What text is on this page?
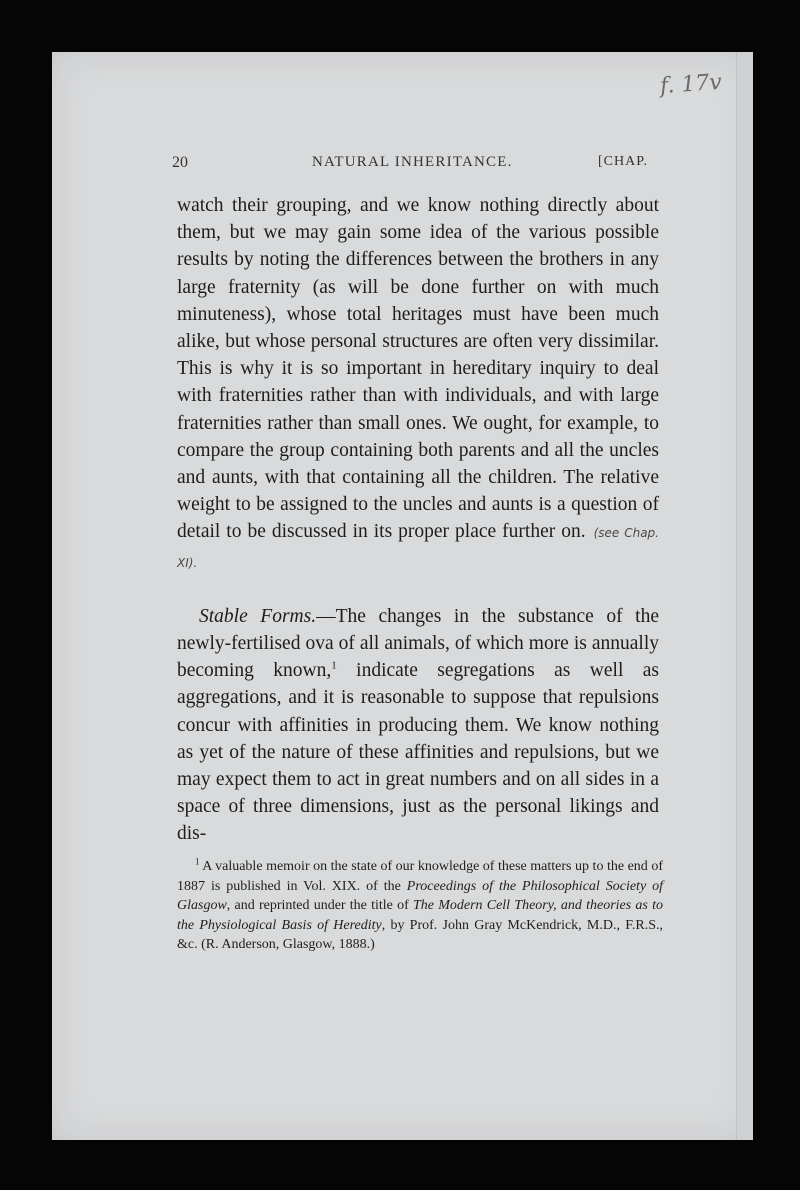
f. 17v
20	NATURAL INHERITANCE.	[CHAP.

watch their grouping, and we know nothing directly about them, but we may gain some idea of the various possible results by noting the differences between the brothers in any large fraternity (as will be done further on with much minuteness), whose total heritages must have been much alike, but whose personal structures are often very dissimilar. This is why it is so important in hereditary inquiry to deal with fraternities rather than with individuals, and with large fraternities rather than small ones. We ought, for example, to compare the group containing both parents and all the uncles and aunts, with that containing all the children. The relative weight to be assigned to the uncles and aunts is a question of detail to be discussed in its proper place further on. (see Chap. XI).

Stable Forms.—The changes in the substance of the newly-fertilised ova of all animals, of which more is annually becoming known,$^1$ indicate segregations as well as aggregations, and it is reasonable to suppose that repulsions concur with affinities in producing them. We know nothing as yet of the nature of these affinities and repulsions, but we may expect them to act in great numbers and on all sides in a space of three dimensions, just as the personal likings and dis-

$^1$ A valuable memoir on the state of our knowledge of these matters up to the end of 1887 is published in Vol. XIX. of the Proceedings of the Philosophical Society of Glasgow, and reprinted under the title of The Modern Cell Theory, and theories as to the Physiological Basis of Heredity, by Prof. John Gray McKendrick, M.D., F.R.S., &c. (R. Anderson, Glasgow, 1888.)
